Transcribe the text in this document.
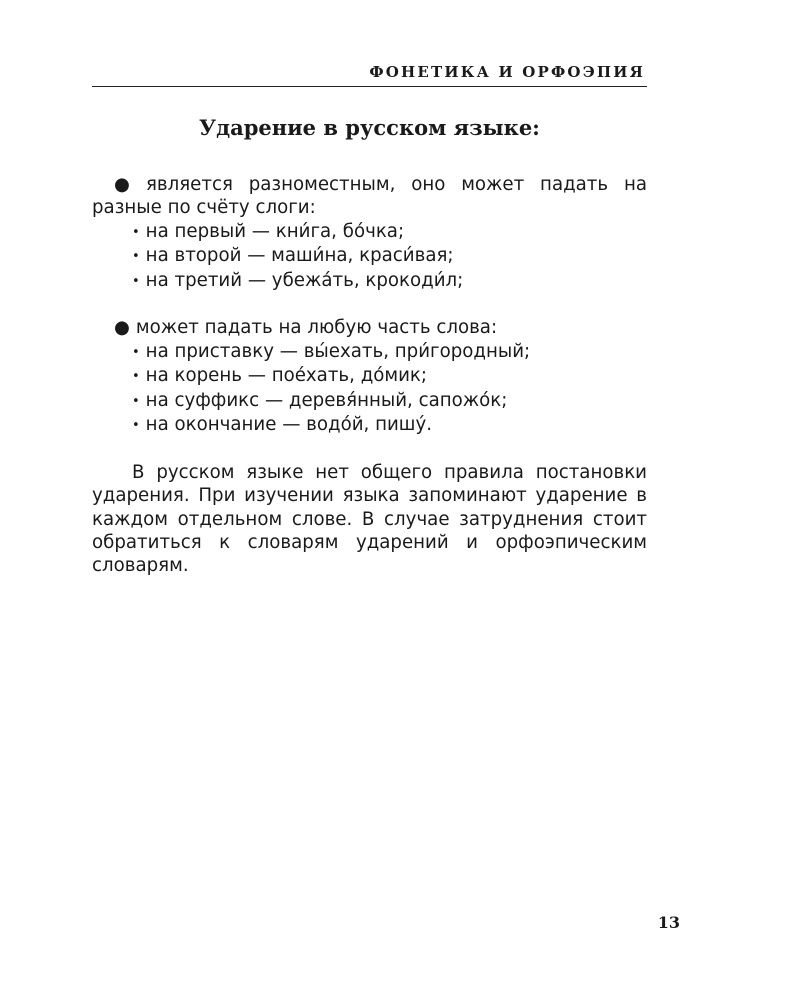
ФОНЕТИКА И ОРФОЭПИЯ
Ударение в русском языке:
● является разноместным, оно может падать на разные по счёту слоги:
• на первый — кни́га, бо́чка;
• на второй — маши́на, краси́вая;
• на третий — убежа́ть, крокоди́л;
● может падать на любую часть слова:
• на приставку — вы́ехать, при́городный;
• на корень — пое́хать, до́мик;
• на суффикс — деревя́нный, сапожо́к;
• на окончание — водо́й, пишу́.
В русском языке нет общего правила постановки ударения. При изучении языка запоминают ударение в каждом отдельном слове. В случае затруднения стоит обратиться к словарям ударений и орфоэпическим словарям.
13
